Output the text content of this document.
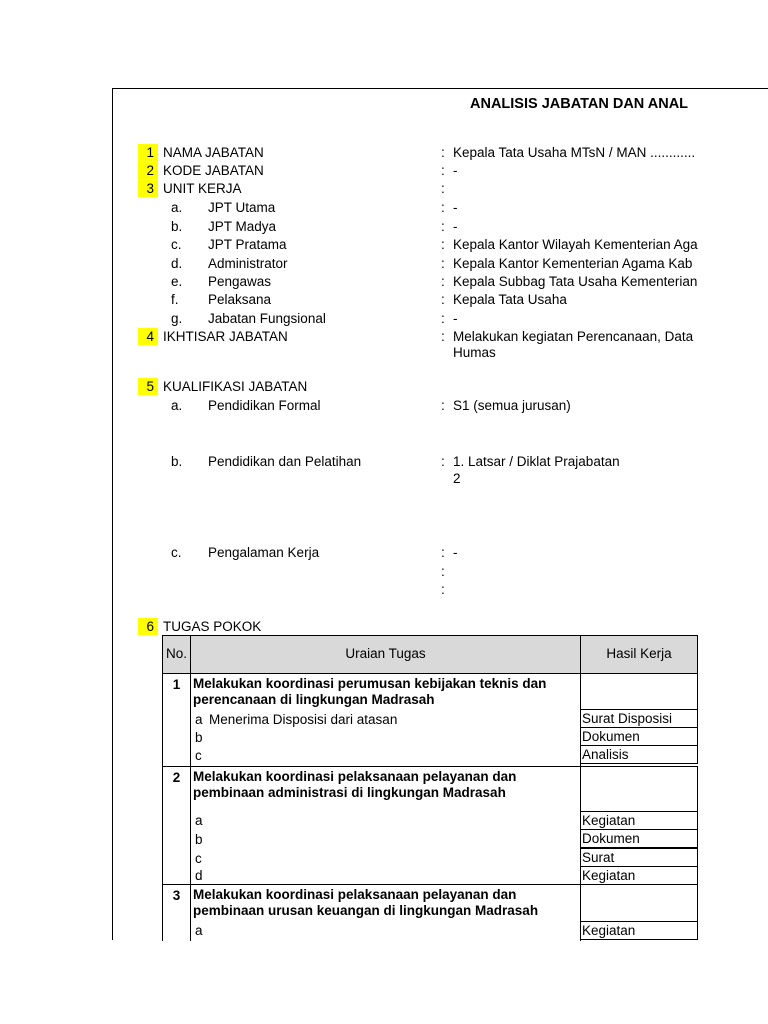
ANALISIS JABATAN DAN ANAL
1 NAMA JABATAN	: Kepala Tata Usaha MTsN / MAN ............
2 KODE JABATAN	: -
3 UNIT KERJA	:
a. JPT Utama	: -
b. JPT Madya	: -
c. JPT Pratama	: Kepala Kantor Wilayah Kementerian Aga
d. Administrator	: Kepala Kantor Kementerian Agama Kab
e. Pengawas	: Kepala Subbag Tata Usaha Kementerian
f. Pelaksana	: Kepala Tata Usaha
g. Jabatan Fungsional	: -
4 IKHTISAR JABATAN	: Melakukan kegiatan Perencanaan, Data
Humas
5 KUALIFIKASI JABATAN
a. Pendidikan Formal	: S1 (semua jurusan)
b. Pendidikan dan Pelatihan	: 1. Latsar / Diklat Prajabatan
2
c. Pengalaman Kerja	: -
:
:
6 TUGAS POKOK
No.	Uraian Tugas	Hasil Kerja
1 Melakukan koordinasi perumusan kebijakan teknis dan
perencanaan di lingkungan Madrasah
a Menerima Disposisi dari atasan	Surat Disposisi
b	Dokumen
c	Analisis
2 Melakukan koordinasi pelaksanaan pelayanan dan
pembinaan administrasi di lingkungan Madrasah
a	Kegiatan
b	Dokumen
c	Surat
d	Kegiatan
3 Melakukan koordinasi pelaksanaan pelayanan dan
pembinaan urusan keuangan di lingkungan Madrasah
a	Kegiatan
